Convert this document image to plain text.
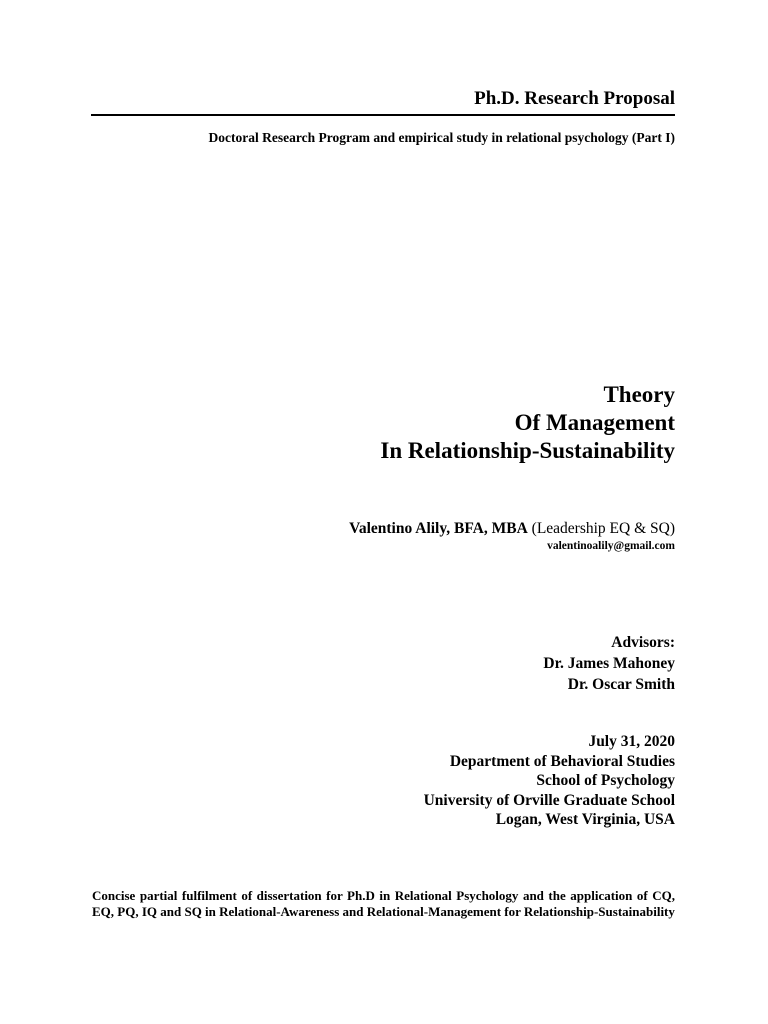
Ph.D. Research Proposal
Doctoral Research Program and empirical study in relational psychology (Part I)
Theory
Of Management
In Relationship-Sustainability
Valentino Alily, BFA, MBA (Leadership EQ & SQ)
valentinoalily@gmail.com
Advisors:
Dr. James Mahoney
Dr. Oscar Smith
July 31, 2020
Department of Behavioral Studies
School of Psychology
University of Orville Graduate School
Logan, West Virginia, USA
Concise partial fulfilment of dissertation for Ph.D in Relational Psychology and the application of CQ, EQ, PQ, IQ and SQ in Relational-Awareness and Relational-Management for Relationship-Sustainability
